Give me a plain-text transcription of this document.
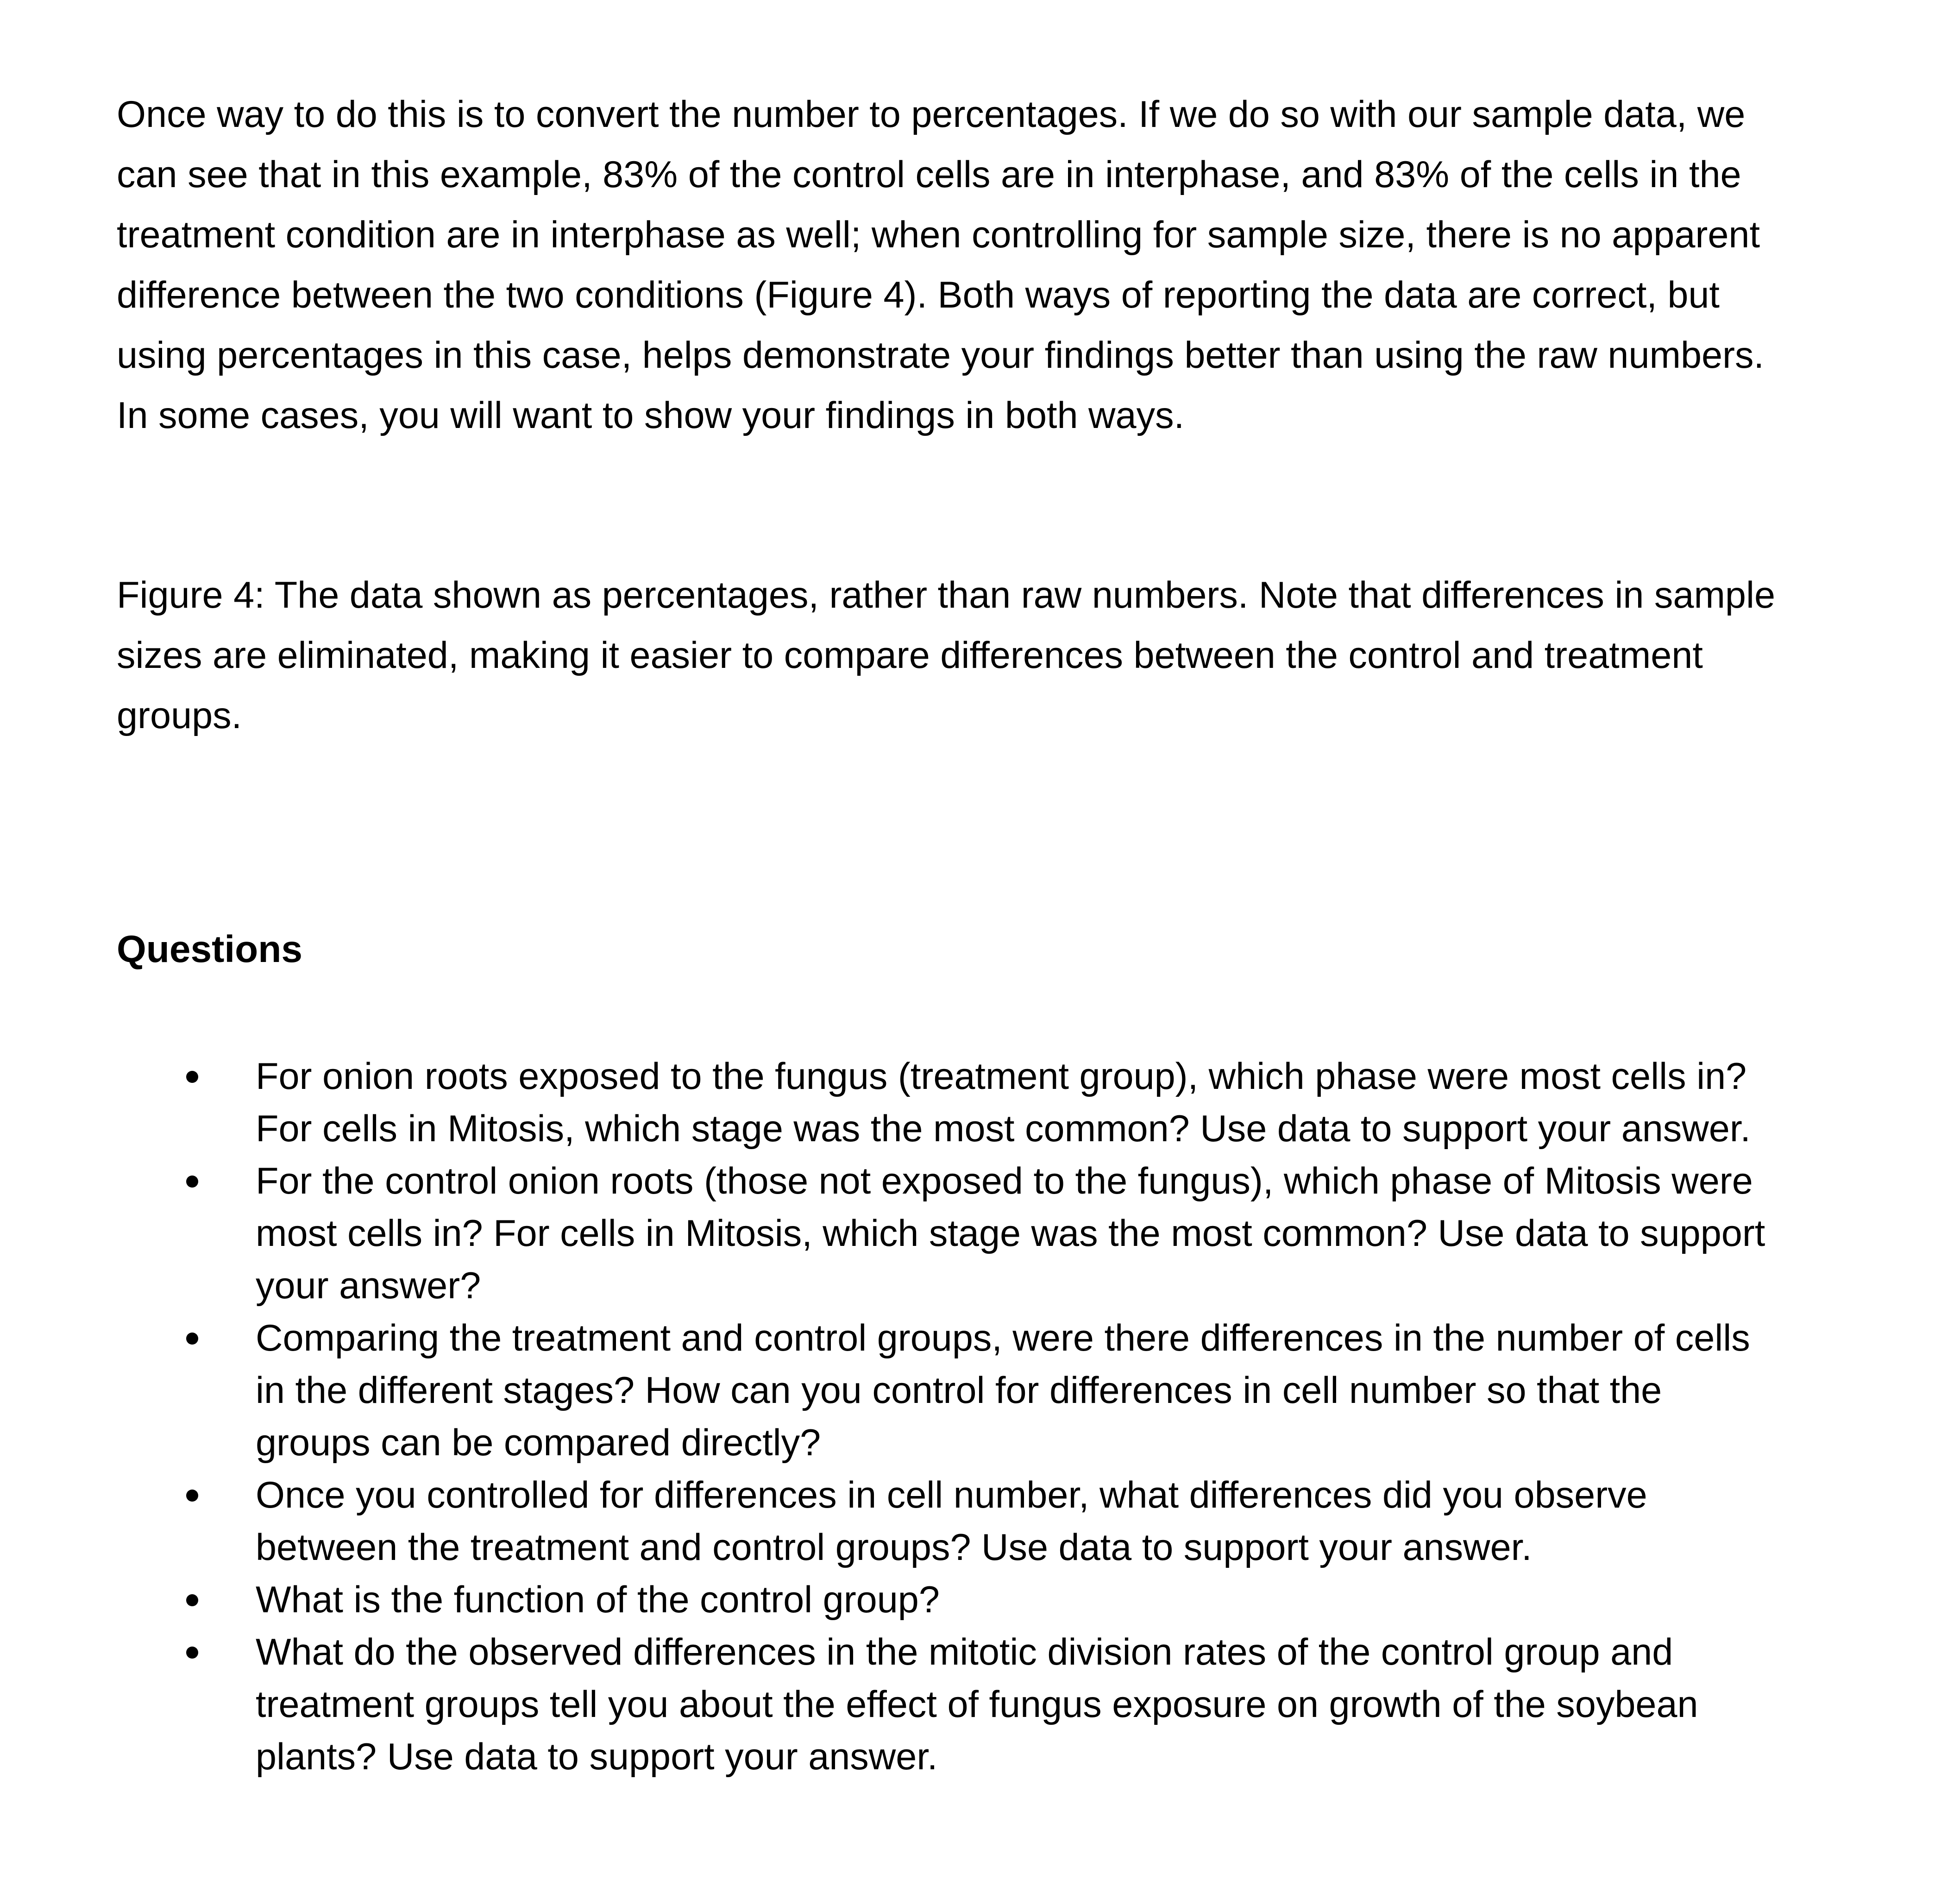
Once way to do this is to convert the number to percentages. If we do so with our sample data, we
can see that in this example, 83% of the control cells are in interphase, and 83% of the cells in the
treatment condition are in interphase as well; when controlling for sample size, there is no apparent
difference between the two conditions (Figure 4). Both ways of reporting the data are correct, but
using percentages in this case, helps demonstrate your findings better than using the raw numbers.
In some cases, you will want to show your findings in both ways.

Figure 4: The data shown as percentages, rather than raw numbers. Note that differences in sample
sizes are eliminated, making it easier to compare differences between the control and treatment
groups.

Questions
For onion roots exposed to the fungus (treatment group), which phase were most cells in?
For cells in Mitosis, which stage was the most common? Use data to support your answer.
For the control onion roots (those not exposed to the fungus), which phase of Mitosis were
most cells in? For cells in Mitosis, which stage was the most common? Use data to support
your answer?
Comparing the treatment and control groups, were there differences in the number of cells
in the different stages? How can you control for differences in cell number so that the
groups can be compared directly?
Once you controlled for differences in cell number, what differences did you observe
between the treatment and control groups? Use data to support your answer.
What is the function of the control group?
What do the observed differences in the mitotic division rates of the control group and
treatment groups tell you about the effect of fungus exposure on growth of the soybean
plants? Use data to support your answer.
